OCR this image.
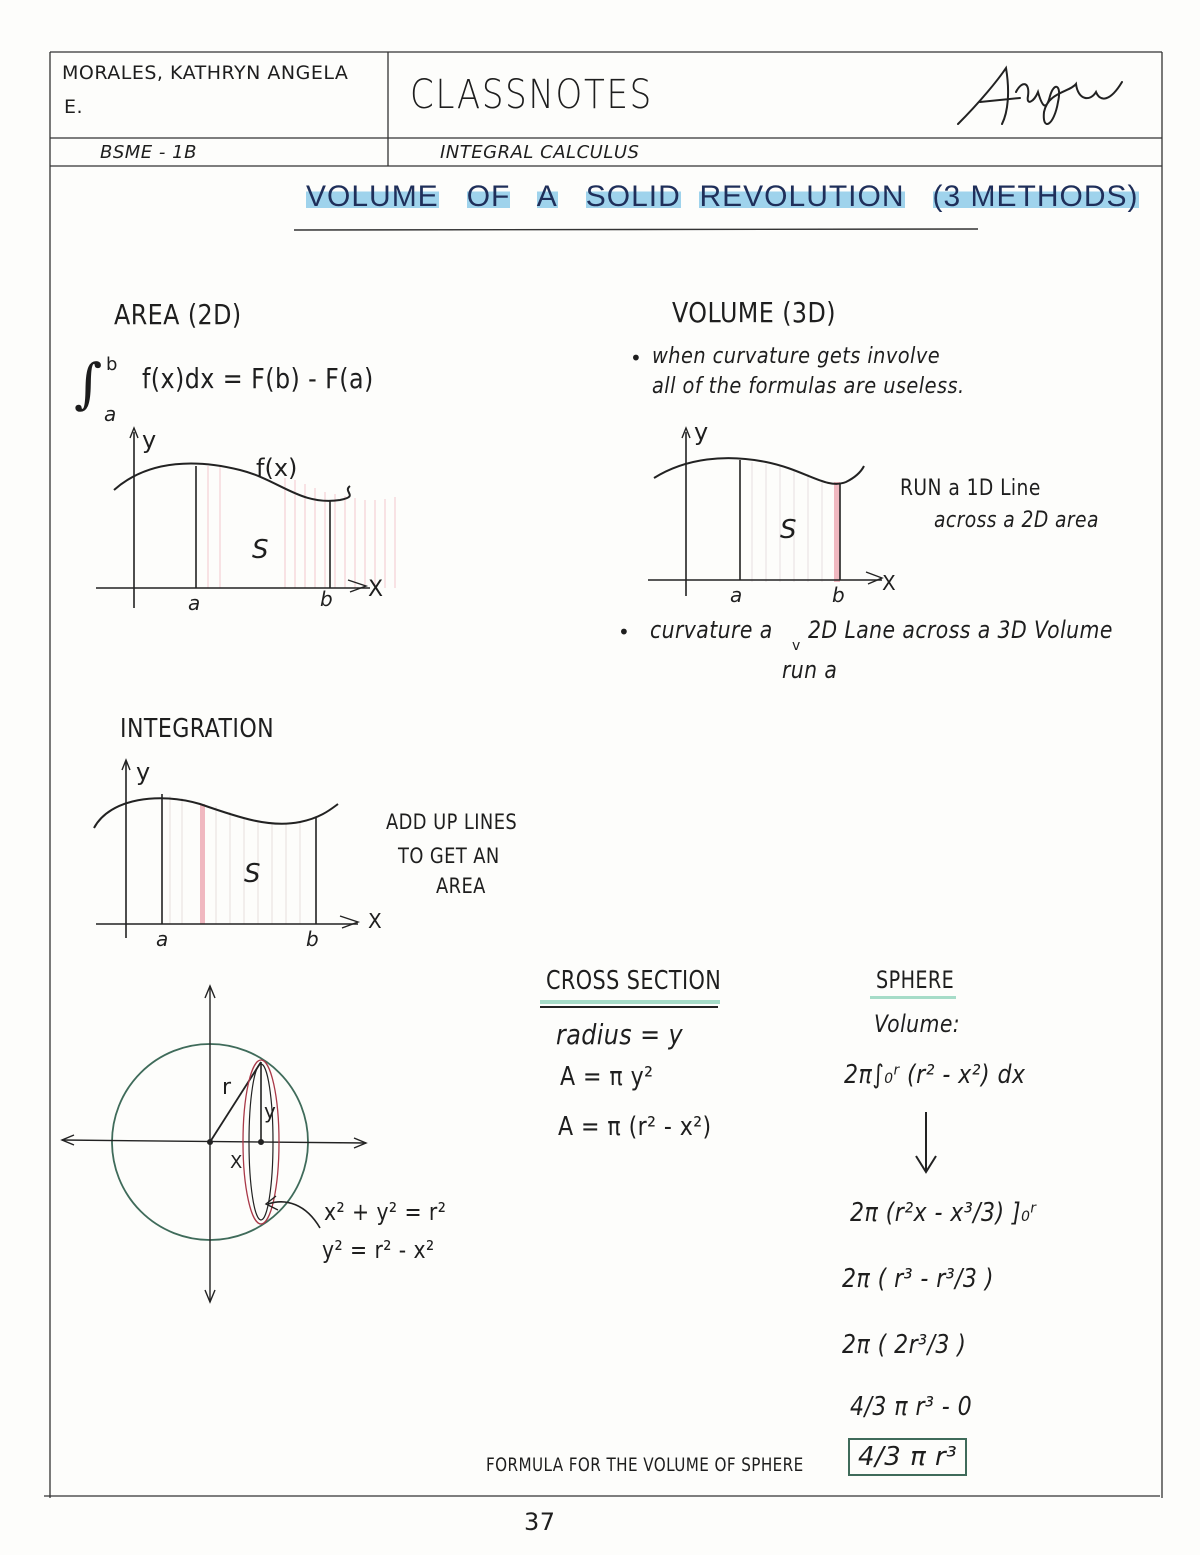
MORALES, KATHRYN ANGELA
E.	CLASSNOTES
BSME - 1B	INTEGRAL CALCULUS
VOLUME OF A SOLID REVOLUTION (3 METHODS)
AREA (2D)
∫ b
a
f(x)dx = F(b) - F(a)
y
X
f(x)
S
a	b
VOLUME (3D)
• when curvature gets involve
all of the formulas are useless.
y
X
S
a	b
RUN a 1D Line
across a 2D area
• curvature a
v
2D Lane across a 3D Volume
run a
INTEGRATION
y
X
S
a	b
ADD UP LINES
TO GET AN
AREA
r
y
X
x² + y² = r²
y² = r² - x²
CROSS SECTION
radius = y
A = π y²
A = π (r² - x²)
SPHERE
Volume:
2π∫₀ʳ (r² - x²) dx
2π (r²x - x³/3) ]₀ʳ
2π ( r³ - r³/3 )
2π ( 2r³/3 )
4/3 π r³ - 0
FORMULA FOR THE VOLUME OF SPHERE	4/3 π r³
37
